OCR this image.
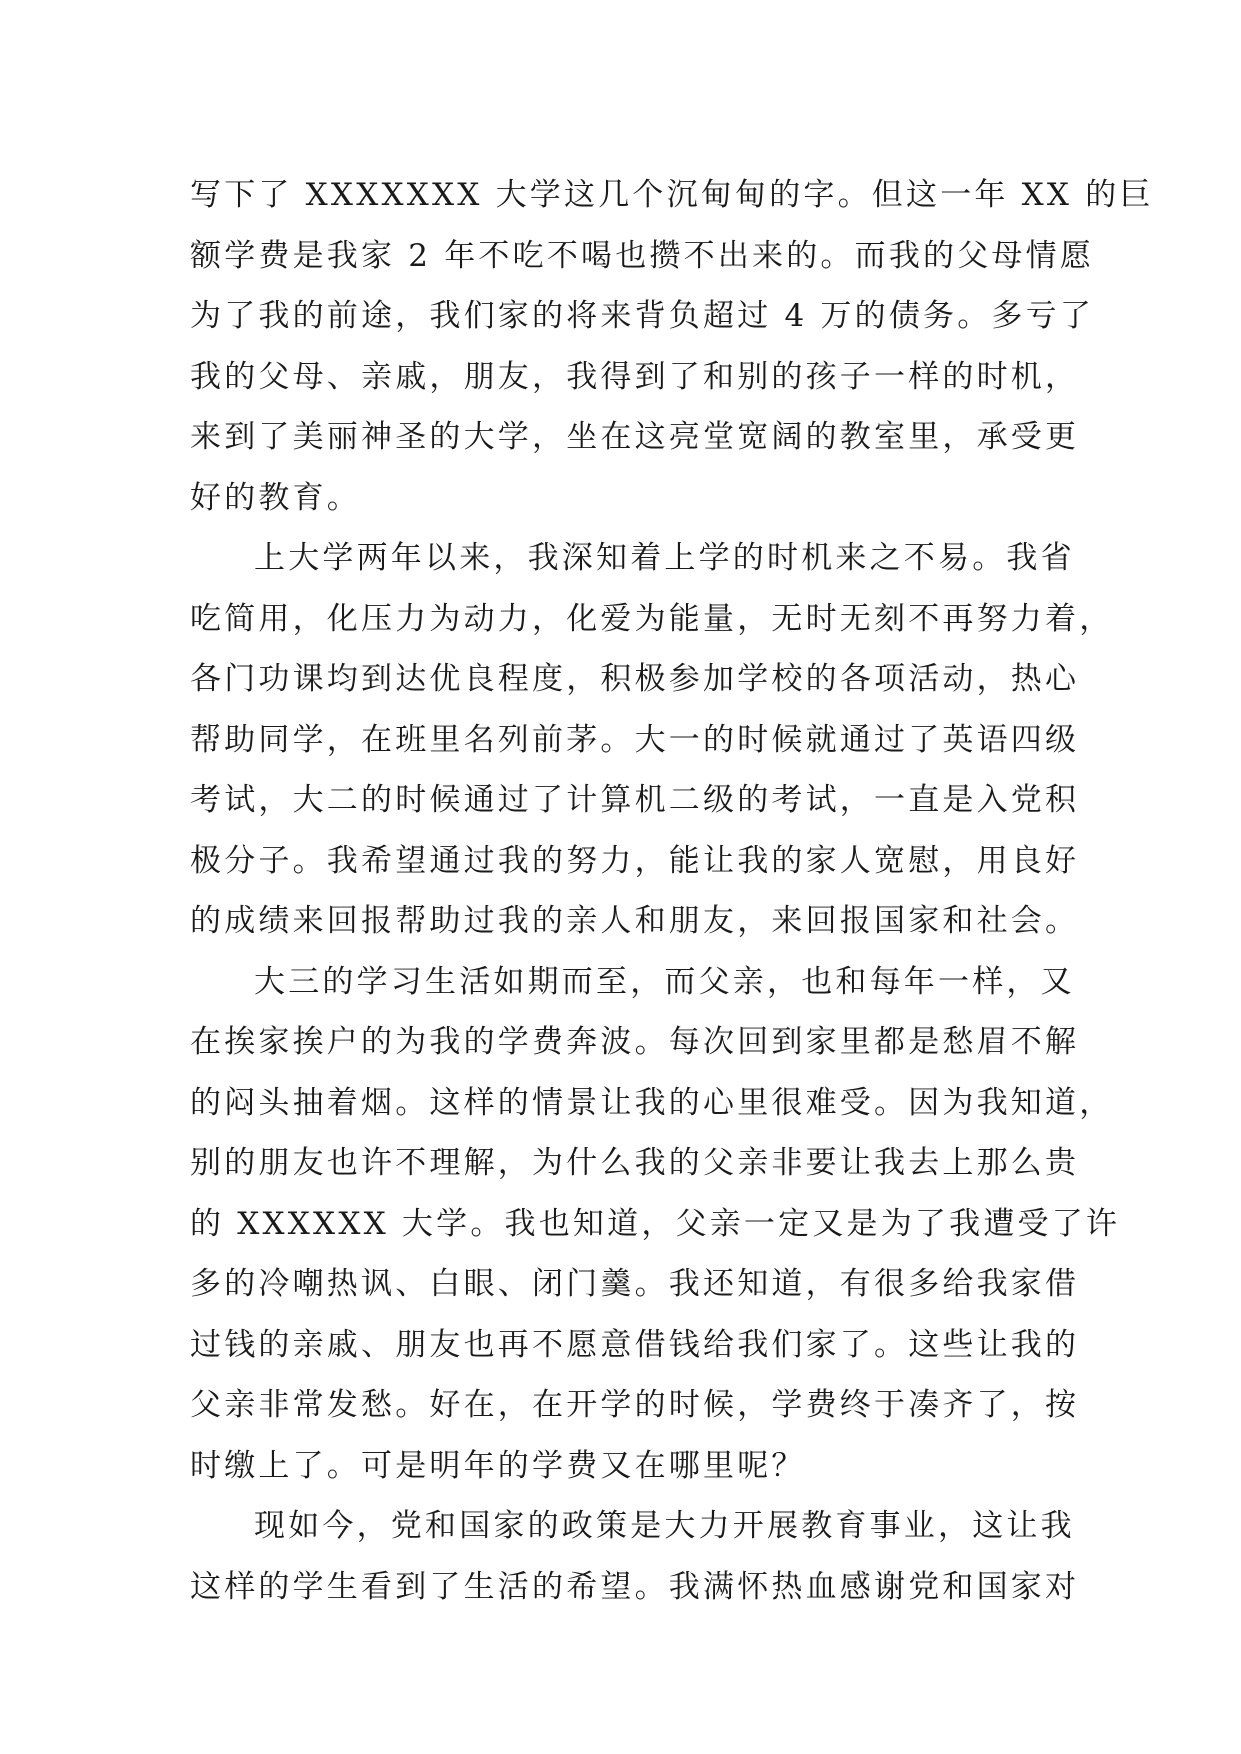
写下了 XXXXXXX 大学这几个沉甸甸的字。但这一年 XX 的巨
额学费是我家 2 年不吃不喝也攒不出来的。而我的父母情愿
为了我的前途，我们家的将来背负超过 4 万的债务。多亏了
我的父母、亲戚，朋友，我得到了和别的孩子一样的时机，
来到了美丽神圣的大学，坐在这亮堂宽阔的教室里，承受更
好的教育。
上大学两年以来，我深知着上学的时机来之不易。我省
吃简用，化压力为动力，化爱为能量，无时无刻不再努力着，
各门功课均到达优良程度，积极参加学校的各项活动，热心
帮助同学，在班里名列前茅。大一的时候就通过了英语四级
考试，大二的时候通过了计算机二级的考试，一直是入党积
极分子。我希望通过我的努力，能让我的家人宽慰，用良好
的成绩来回报帮助过我的亲人和朋友，来回报国家和社会。
大三的学习生活如期而至，而父亲，也和每年一样，又
在挨家挨户的为我的学费奔波。每次回到家里都是愁眉不解
的闷头抽着烟。这样的情景让我的心里很难受。因为我知道，
别的朋友也许不理解，为什么我的父亲非要让我去上那么贵
的 XXXXXX 大学。我也知道，父亲一定又是为了我遭受了许
多的冷嘲热讽、白眼、闭门羹。我还知道，有很多给我家借
过钱的亲戚、朋友也再不愿意借钱给我们家了。这些让我的
父亲非常发愁。好在，在开学的时候，学费终于凑齐了，按
时缴上了。可是明年的学费又在哪里呢？
现如今，党和国家的政策是大力开展教育事业，这让我
这样的学生看到了生活的希望。我满怀热血感谢党和国家对
